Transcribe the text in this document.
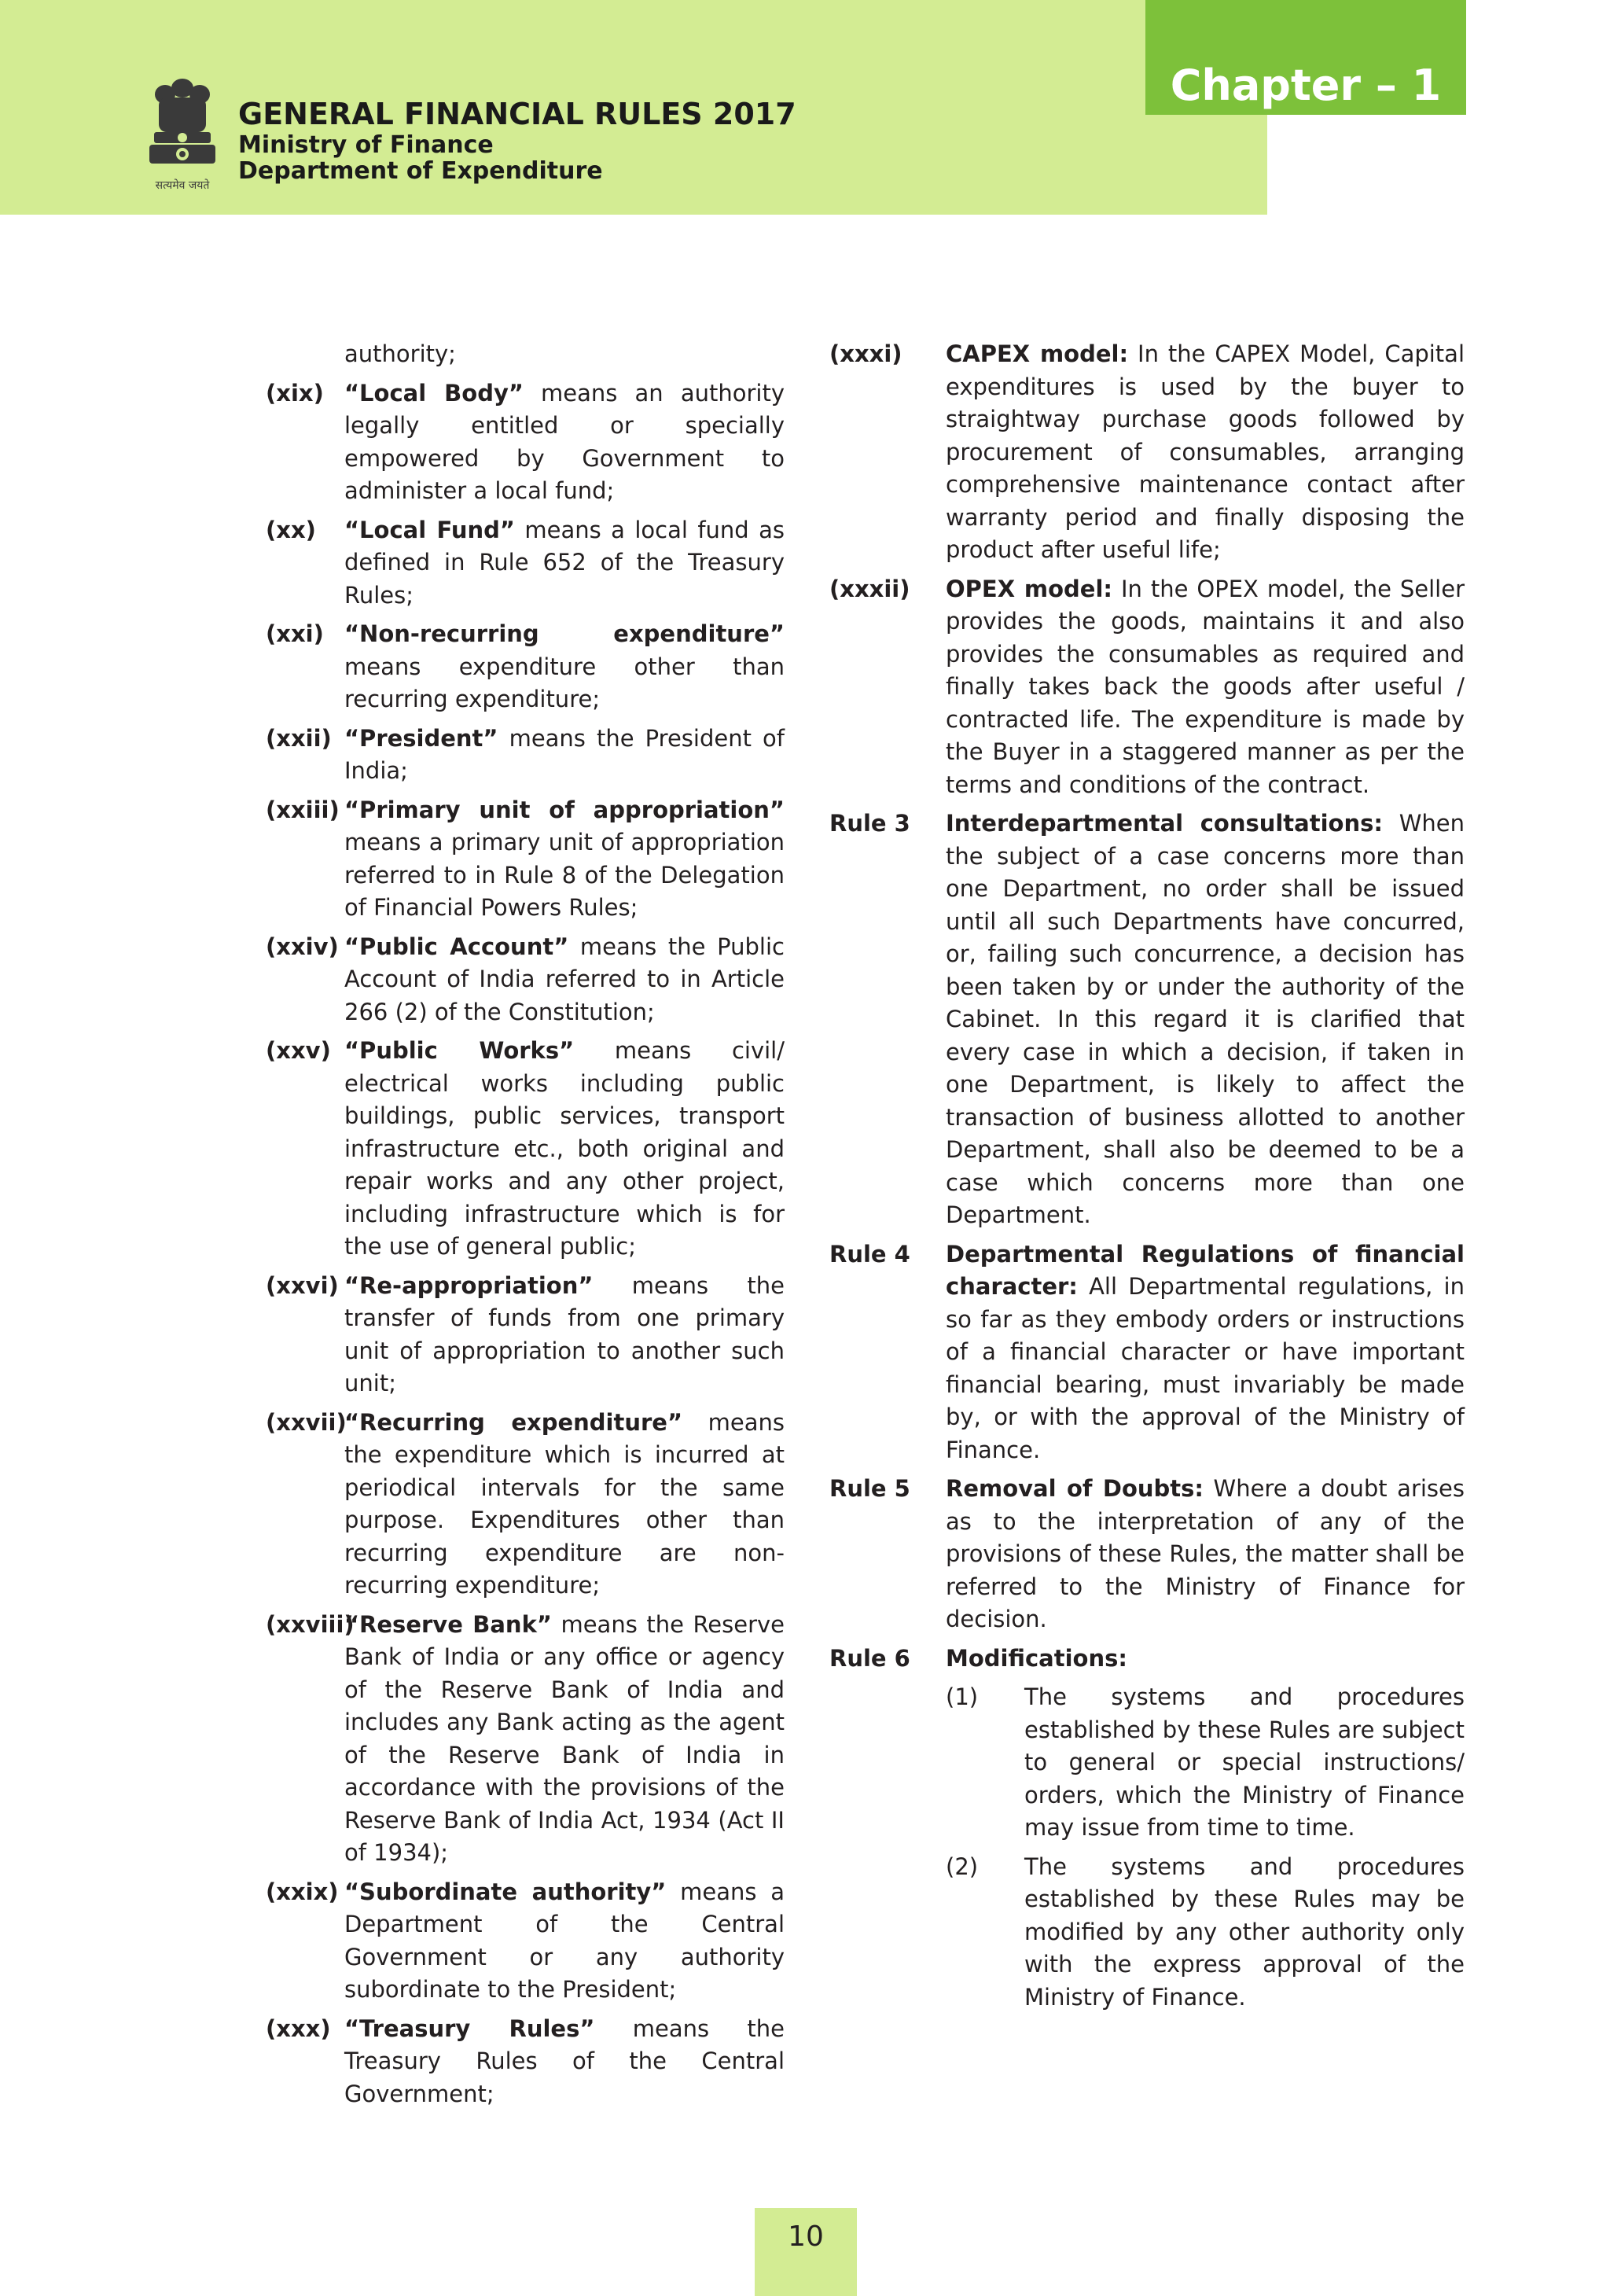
Chapter – 1
सत्यमेव जयते
GENERAL FINANCIAL RULES 2017
Ministry of Finance
Department of Expenditure
authority;
(xix) “Local Body” means an authority legally entitled or specially empowered by Government to administer a local fund;
(xx) “Local Fund” means a local fund as defined in Rule 652 of the Treasury Rules;
(xxi) “Non-recurring expenditure” means expenditure other than recurring expenditure;
(xxii) “President” means the President of India;
(xxiii) “Primary unit of appropriation” means a primary unit of appropriation referred to in Rule 8 of the Delegation of Financial Powers Rules;
(xxiv) “Public Account” means the Public Account of India referred to in Article 266 (2) of the Constitution;
(xxv) “Public Works” means civil/ electrical works including public buildings, public services, transport infrastructure etc., both original and repair works and any other project, including infrastructure which is for the use of general public;
(xxvi) “Re-appropriation” means the transfer of funds from one primary unit of appropriation to another such unit;
(xxvii)
“Recurring expenditure” means the expenditure which is incurred at periodical intervals for the same purpose. Expenditures other than recurring expenditure are non-recurring expenditure;
(xxviii)
“Reserve Bank” means the Reserve Bank of India or any office or agency of the Reserve Bank of India and includes any Bank acting as the agent of the Reserve Bank of India in accordance with the provisions of the Reserve Bank of India Act, 1934 (Act II of 1934);
(xxix) “Subordinate authority” means a Department of the Central Government or any authority subordinate to the President;
(xxx) “Treasury Rules” means the Treasury Rules of the Central Government;
(xxxi) CAPEX model: In the CAPEX Model, Capital expenditures is used by the buyer to straightway purchase goods followed by procurement of consumables, arranging comprehensive maintenance contact after warranty period and finally disposing the product after useful life;
(xxxii) OPEX model: In the OPEX model, the Seller provides the goods, maintains it and also provides the consumables as required and finally takes back the goods after useful / contracted life. The expenditure is made by the Buyer in a staggered manner as per the terms and conditions of the contract.
Rule 3 Interdepartmental consultations: When the subject of a case concerns more than one Department, no order shall be issued until all such Departments have concurred, or, failing such concurrence, a decision has been taken by or under the authority of the Cabinet. In this regard it is clarified that every case in which a decision, if taken in one Department, is likely to affect the transaction of business allotted to another Department, shall also be deemed to be a case which concerns more than one Department.
Rule 4 Departmental Regulations of financial character: All Departmental regulations, in so far as they embody orders or instructions of a financial character or have important financial bearing, must invariably be made by, or with the approval of the Ministry of Finance.
Rule 5 Removal of Doubts: Where a doubt arises as to the interpretation of any of the provisions of these Rules, the matter shall be referred to the Ministry of Finance for decision.
Rule 6 Modifications:
(1) The systems and procedures established by these Rules are subject to general or special instructions/ orders, which the Ministry of Finance may issue from time to time.
(2) The systems and procedures established by these Rules may be modified by any other authority only with the express approval of the Ministry of Finance.
10
